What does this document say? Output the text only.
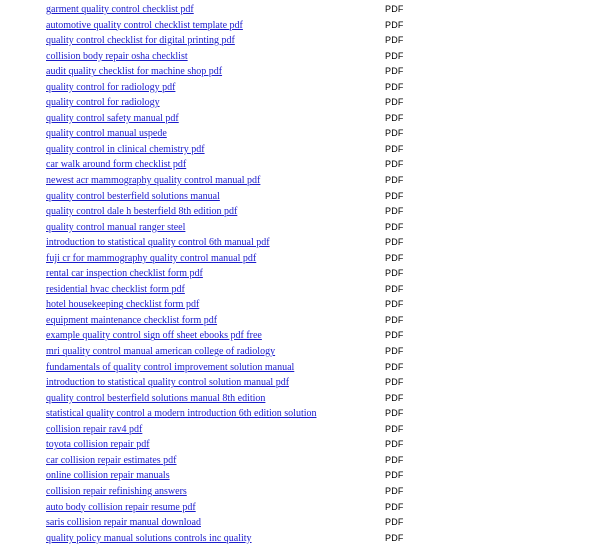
garment quality control checklist pdf	PDF
automotive quality control checklist template pdf	PDF
quality control checklist for digital printing pdf	PDF
collision body repair osha checklist	PDF
audit quality checklist for machine shop pdf	PDF
quality control for radiology pdf	PDF
quality control for radiology	PDF
quality control safety manual pdf	PDF
quality control manual uspede	PDF
quality control in clinical chemistry pdf	PDF
car walk around form checklist pdf	PDF
newest acr mammography quality control manual pdf	PDF
quality control besterfield solutions manual	PDF
quality control dale h besterfield 8th edition pdf	PDF
quality control manual ranger steel	PDF
introduction to statistical quality control 6th manual pdf	PDF
fuji cr for mammography quality control manual pdf	PDF
rental car inspection checklist form pdf	PDF
residential hvac checklist form pdf	PDF
hotel housekeeping checklist form pdf	PDF
equipment maintenance checklist form pdf	PDF
example quality control sign off sheet ebooks pdf free	PDF
mri quality control manual american college of radiology	PDF
fundamentals of quality control improvement solution manual	PDF
introduction to statistical quality control solution manual pdf	PDF
quality control besterfield solutions manual 8th edition	PDF
statistical quality control a modern introduction 6th edition solution	PDF
collision repair rav4 pdf	PDF
toyota collision repair pdf	PDF
car collision repair estimates pdf	PDF
online collision repair manuals	PDF
collision repair refinishing answers	PDF
auto body collision repair resume pdf	PDF
saris collision repair manual download	PDF
quality policy manual solutions controls inc quality	PDF
